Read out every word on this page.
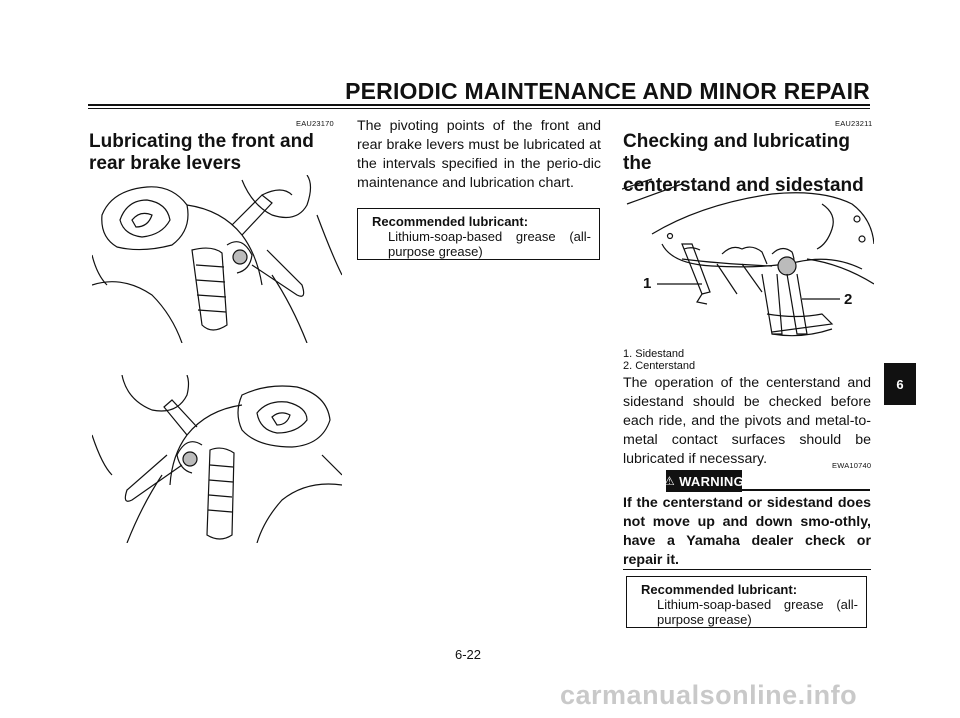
PERIODIC MAINTENANCE AND MINOR REPAIR
EAU23170
Lubricating the front and
rear brake levers
The pivoting points of the front and rear brake levers must be lubricated at the intervals specified in the perio-dic maintenance and lubrication chart.
Recommended lubricant:
Lithium-soap-based grease (all-purpose grease)
EAU23211
Checking and lubricating the
centerstand and sidestand
1
2
1. Sidestand
2. Centerstand
The operation of the centerstand and sidestand should be checked before each ride, and the pivots and metal-to-metal contact surfaces should be lubricated if necessary.	EWA10740
⚠ WARNING
If the centerstand or sidestand does not move up and down smo-othly, have a Yamaha dealer check or repair it.
Recommended lubricant:
Lithium-soap-based grease (all-purpose grease)
6
6-22
carmanualsonline.info
